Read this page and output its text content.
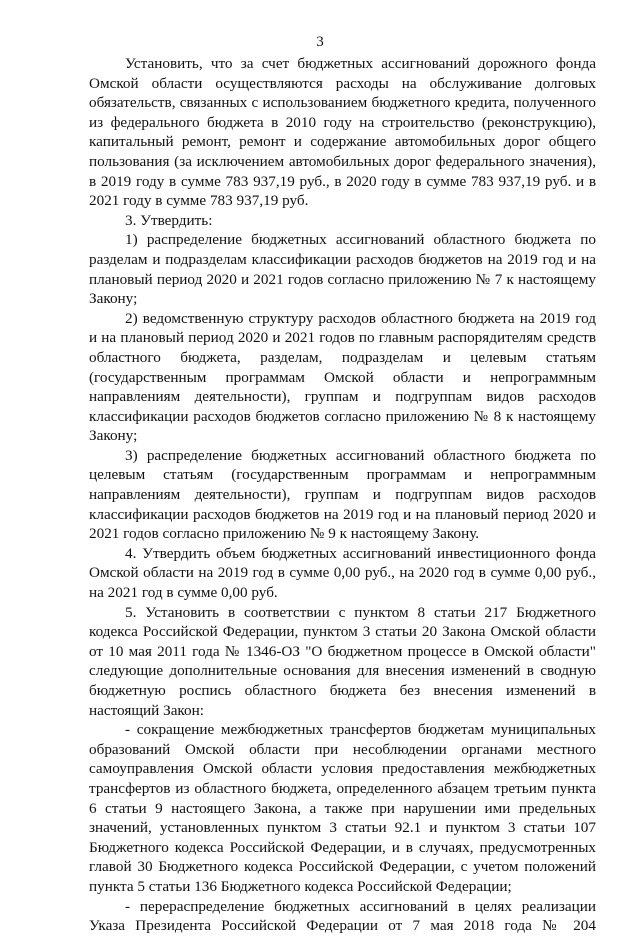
3

Установить, что за счет бюджетных ассигнований дорожного фонда Омской области осуществляются расходы на обслуживание долговых обязательств, связанных с использованием бюджетного кредита, полученного из федерального бюджета в 2010 году на строительство (реконструкцию), капитальный ремонт, ремонт и содержание автомобильных дорог общего пользования (за исключением автомобильных дорог федерального значения), в 2019 году в сумме 783 937,19 руб., в 2020 году в сумме 783 937,19 руб. и в 2021 году в сумме 783 937,19 руб.

3. Утвердить:

1) распределение бюджетных ассигнований областного бюджета по разделам и подразделам классификации расходов бюджетов на 2019 год и на плановый период 2020 и 2021 годов согласно приложению № 7 к настоящему Закону;

2) ведомственную структуру расходов областного бюджета на 2019 год и на плановый период 2020 и 2021 годов по главным распорядителям средств областного бюджета, разделам, подразделам и целевым статьям (государственным программам Омской области и непрограммным направлениям деятельности), группам и подгруппам видов расходов классификации расходов бюджетов согласно приложению № 8 к настоящему Закону;

3) распределение бюджетных ассигнований областного бюджета по целевым статьям (государственным программам и непрограммным направлениям деятельности), группам и подгруппам видов расходов классификации расходов бюджетов на 2019 год и на плановый период 2020 и 2021 годов согласно приложению № 9 к настоящему Закону.

4. Утвердить объем бюджетных ассигнований инвестиционного фонда Омской области на 2019 год в сумме 0,00 руб., на 2020 год в сумме 0,00 руб., на 2021 год в сумме 0,00 руб.

5. Установить в соответствии с пунктом 8 статьи 217 Бюджетного кодекса Российской Федерации, пунктом 3 статьи 20 Закона Омской области от 10 мая 2011 года № 1346-ОЗ "О бюджетном процессе в Омской области" следующие дополнительные основания для внесения изменений в сводную бюджетную роспись областного бюджета без внесения изменений в настоящий Закон:

- сокращение межбюджетных трансфертов бюджетам муниципальных образований Омской области при несоблюдении органами местного самоуправления Омской области условия предоставления межбюджетных трансфертов из областного бюджета, определенного абзацем третьим пункта 6 статьи 9 настоящего Закона, а также при нарушении ими предельных значений, установленных пунктом 3 статьи 92.1 и пунктом 3 статьи 107 Бюджетного кодекса Российской Федерации, и в случаях, предусмотренных главой 30 Бюджетного кодекса Российской Федерации, с учетом положений пункта 5 статьи 136 Бюджетного кодекса Российской Федерации;

- перераспределение бюджетных ассигнований в целях реализации Указа Президента Российской Федерации от 7 мая 2018 года № 204
